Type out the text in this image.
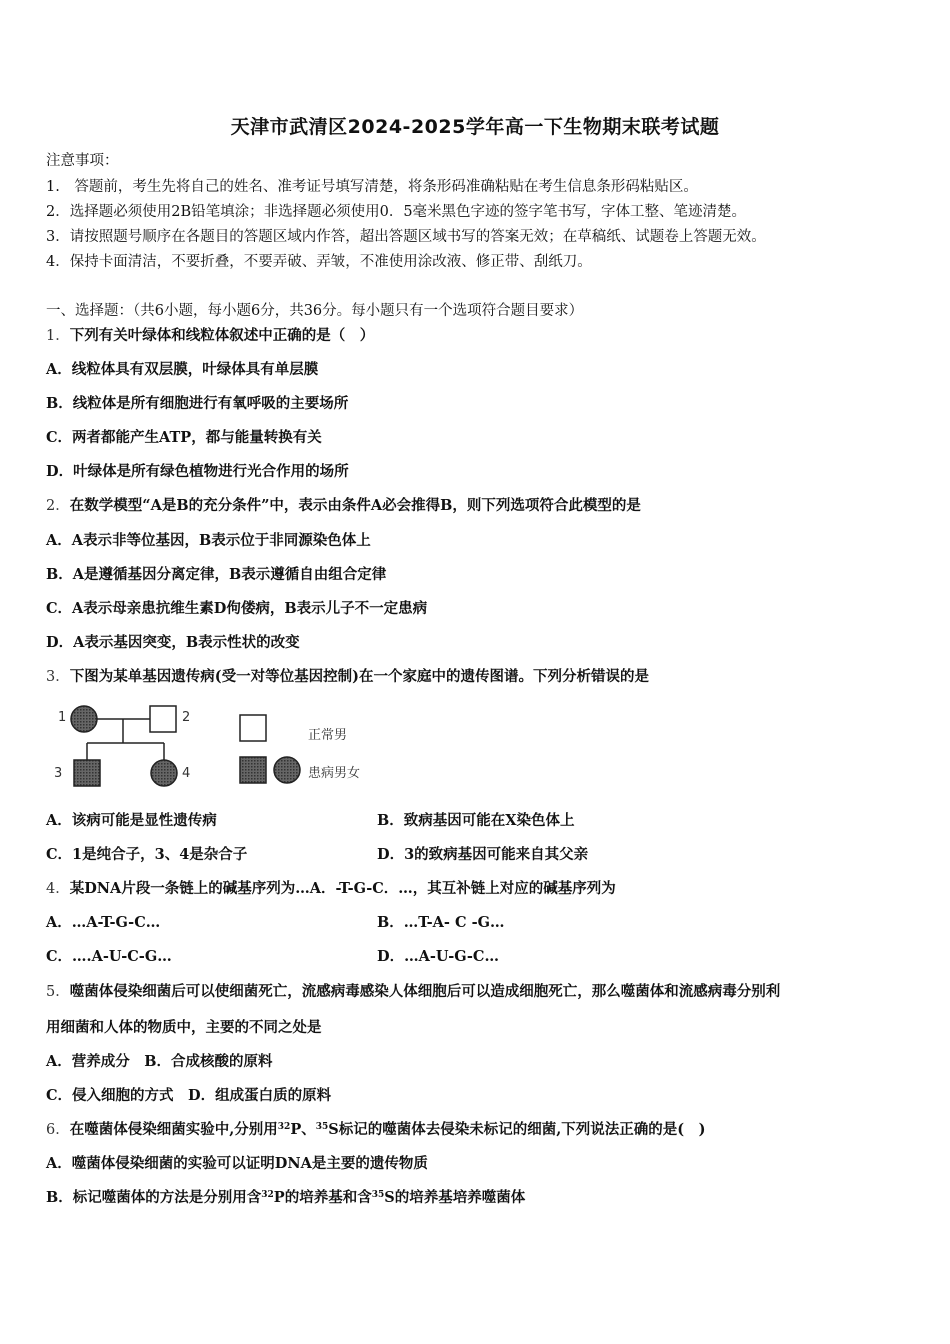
天津市武清区2024-2025学年高一下生物期末联考试题
注意事项：
1.　答题前，考生先将自己的姓名、准考证号填写清楚，将条形码准确粘贴在考生信息条形码粘贴区。
2．选择题必须使用2B铅笔填涂；非选择题必须使用0．5毫米黑色字迹的签字笔书写，字体工整、笔迹清楚。
3．请按照题号顺序在各题目的答题区域内作答，超出答题区域书写的答案无效；在草稿纸、试题卷上答题无效。
4．保持卡面清洁，不要折叠，不要弄破、弄皱，不准使用涂改液、修正带、刮纸刀。
一、选择题：（共6小题，每小题6分，共36分。每小题只有一个选项符合题目要求）
1．下列有关叶绿体和线粒体叙述中正确的是（　）
A．线粒体具有双层膜，叶绿体具有单层膜
B．线粒体是所有细胞进行有氧呼吸的主要场所
C．两者都能产生ATP，都与能量转换有关
D．叶绿体是所有绿色植物进行光合作用的场所
2．在数学模型“A是B的充分条件”中，表示由条件A必会推得B，则下列选项符合此模型的是
A．A表示非等位基因，B表示位于非同源染色体上
B．A是遵循基因分离定律，B表示遵循自由组合定律
C．A表示母亲患抗维生素D佝偻病，B表示儿子不一定患病
D．A表示基因突变，B表示性状的改变
3．下图为某单基因遗传病(受一对等位基因控制)在一个家庭中的遗传图谱。下列分析错误的是
1	2
3	4
正常男
患病男女
A．该病可能是显性遗传病	B．致病基因可能在X染色体上
C．1是纯合子，3、4是杂合子	D．3的致病基因可能来自其父亲
4．某DNA片段一条链上的碱基序列为…A．-T-G-C．…，其互补链上对应的碱基序列为
A．…A-T-G-C…	B．…T-A- C -G…
C．….A-U-C-G…	D．…A-U-G-C…
5．噬菌体侵染细菌后可以使细菌死亡，流感病毒感染人体细胞后可以造成细胞死亡，那么噬菌体和流感病毒分别利
用细菌和人体的物质中，主要的不同之处是
A．营养成分　B．合成核酸的原料
C．侵入细胞的方式　D．组成蛋白质的原料
6．在噬菌体侵染细菌实验中,分别用$^{32}$P、$^{35}$S标记的噬菌体去侵染未标记的细菌,下列说法正确的是(　)
A．噬菌体侵染细菌的实验可以证明DNA是主要的遗传物质
B．标记噬菌体的方法是分别用含$^{32}$P的培养基和含$^{35}$S的培养基培养噬菌体
